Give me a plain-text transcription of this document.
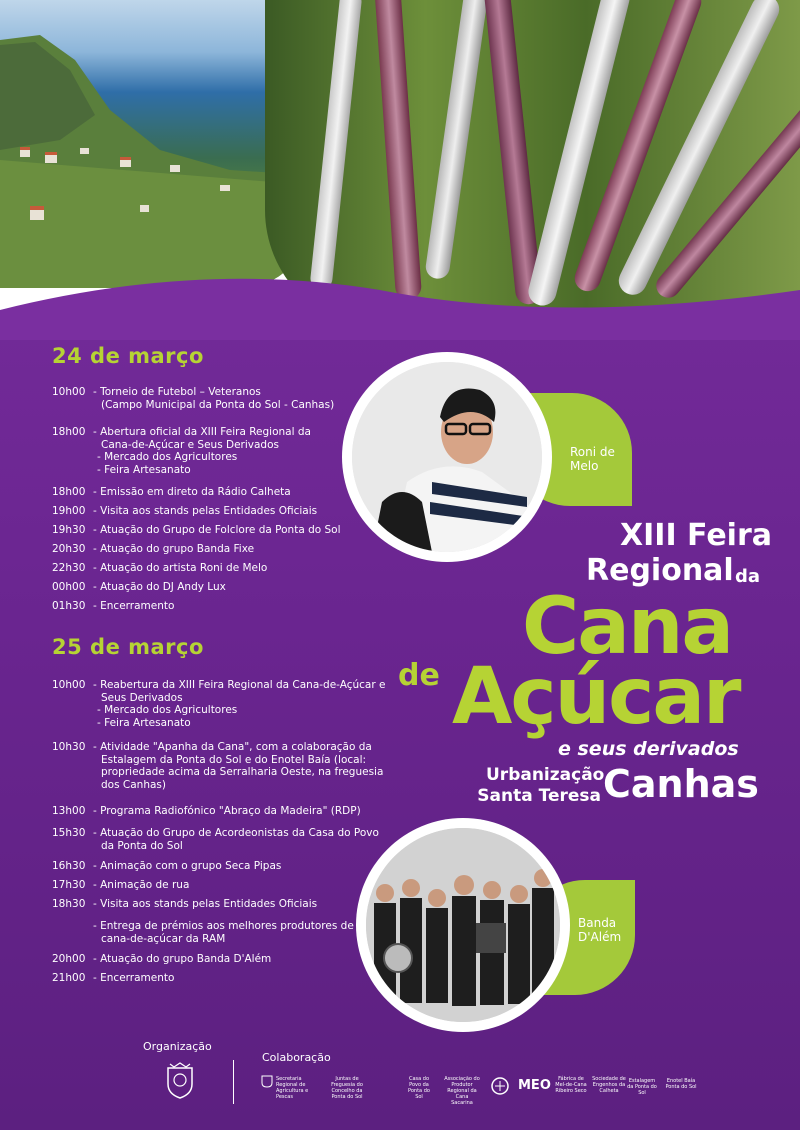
24 de março
10h00 - Torneio de Futebol – Veteranos
(Campo Municipal da Ponta do Sol - Canhas)
18h00 - Abertura oficial da XIII Feira Regional da
Cana-de-Açúcar e Seus Derivados
- Mercado dos Agricultores
- Feira Artesanato
18h00 - Emissão em direto da Rádio Calheta
19h00 - Visita aos stands pelas Entidades Oficiais
19h30 - Atuação do Grupo de Folclore da Ponta do Sol
20h30 - Atuação do grupo Banda Fixe
22h30 - Atuação do artista Roni de Melo
00h00 - Atuação do DJ Andy Lux
01h30 - Encerramento
25 de março
10h00 - Reabertura da XIII Feira Regional da Cana-de-Açúcar e
Seus Derivados
- Mercado dos Agricultores
- Feira Artesanato
10h30 - Atividade "Apanha da Cana", com a colaboração da
Estalagem da Ponta do Sol e do Enotel Baía (local:
propriedade acima da Serralharia Oeste, na freguesia
dos Canhas)
13h00 - Programa Radiofónico "Abraço da Madeira" (RDP)
15h30 - Atuação do Grupo de Acordeonistas da Casa do Povo
da Ponta do Sol
16h30 - Animação com o grupo Seca Pipas
17h30 - Animação de rua
18h30 - Visita aos stands pelas Entidades Oficiais
- Entrega de prémios aos melhores produtores de
cana-de-açúcar da RAM
20h00 - Atuação do grupo Banda D'Além
21h00 - Encerramento
Roni de
Melo
XIII Feira
Regional da
Cana
de Açúcar
e seus derivados
Urbanização
Santa Teresa Canhas
Banda
D'Além
Organização
Colaboração
Secretaria Regional de Agricultura e Pescas
Juntas de Freguesia do Concelho da Ponta do Sol
Casa do Povo da Ponta do Sol
Associação do Produtor Regional da Cana Sacarina
MEO	Fábrica de Mel-de-Cana Ribeiro Seco
Sociedade de Engenhos da Calheta
Estalagem da Ponta do Sol
Enotel Baía Ponta do Sol
